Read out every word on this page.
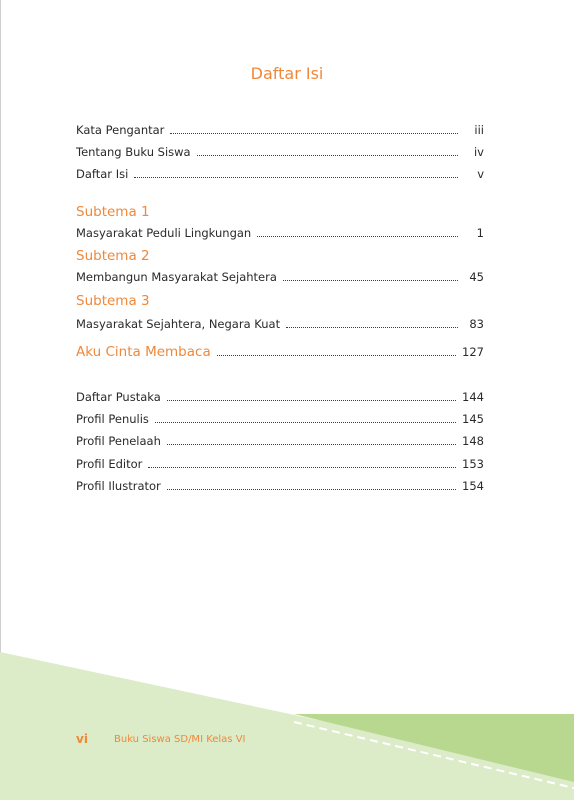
Daftar Isi
Kata Pengantar	iii
Tentang Buku Siswa	iv
Daftar Isi	v
Subtema 1
Masyarakat Peduli Lingkungan	1
Subtema 2
Membangun Masyarakat Sejahtera	45
Subtema 3
Masyarakat Sejahtera, Negara Kuat	83
Aku Cinta Membaca	127
Daftar Pustaka	144
Profil Penulis	145
Profil Penelaah	148
Profil Editor	153
Profil Ilustrator	154
vi	Buku Siswa SD/MI Kelas VI
